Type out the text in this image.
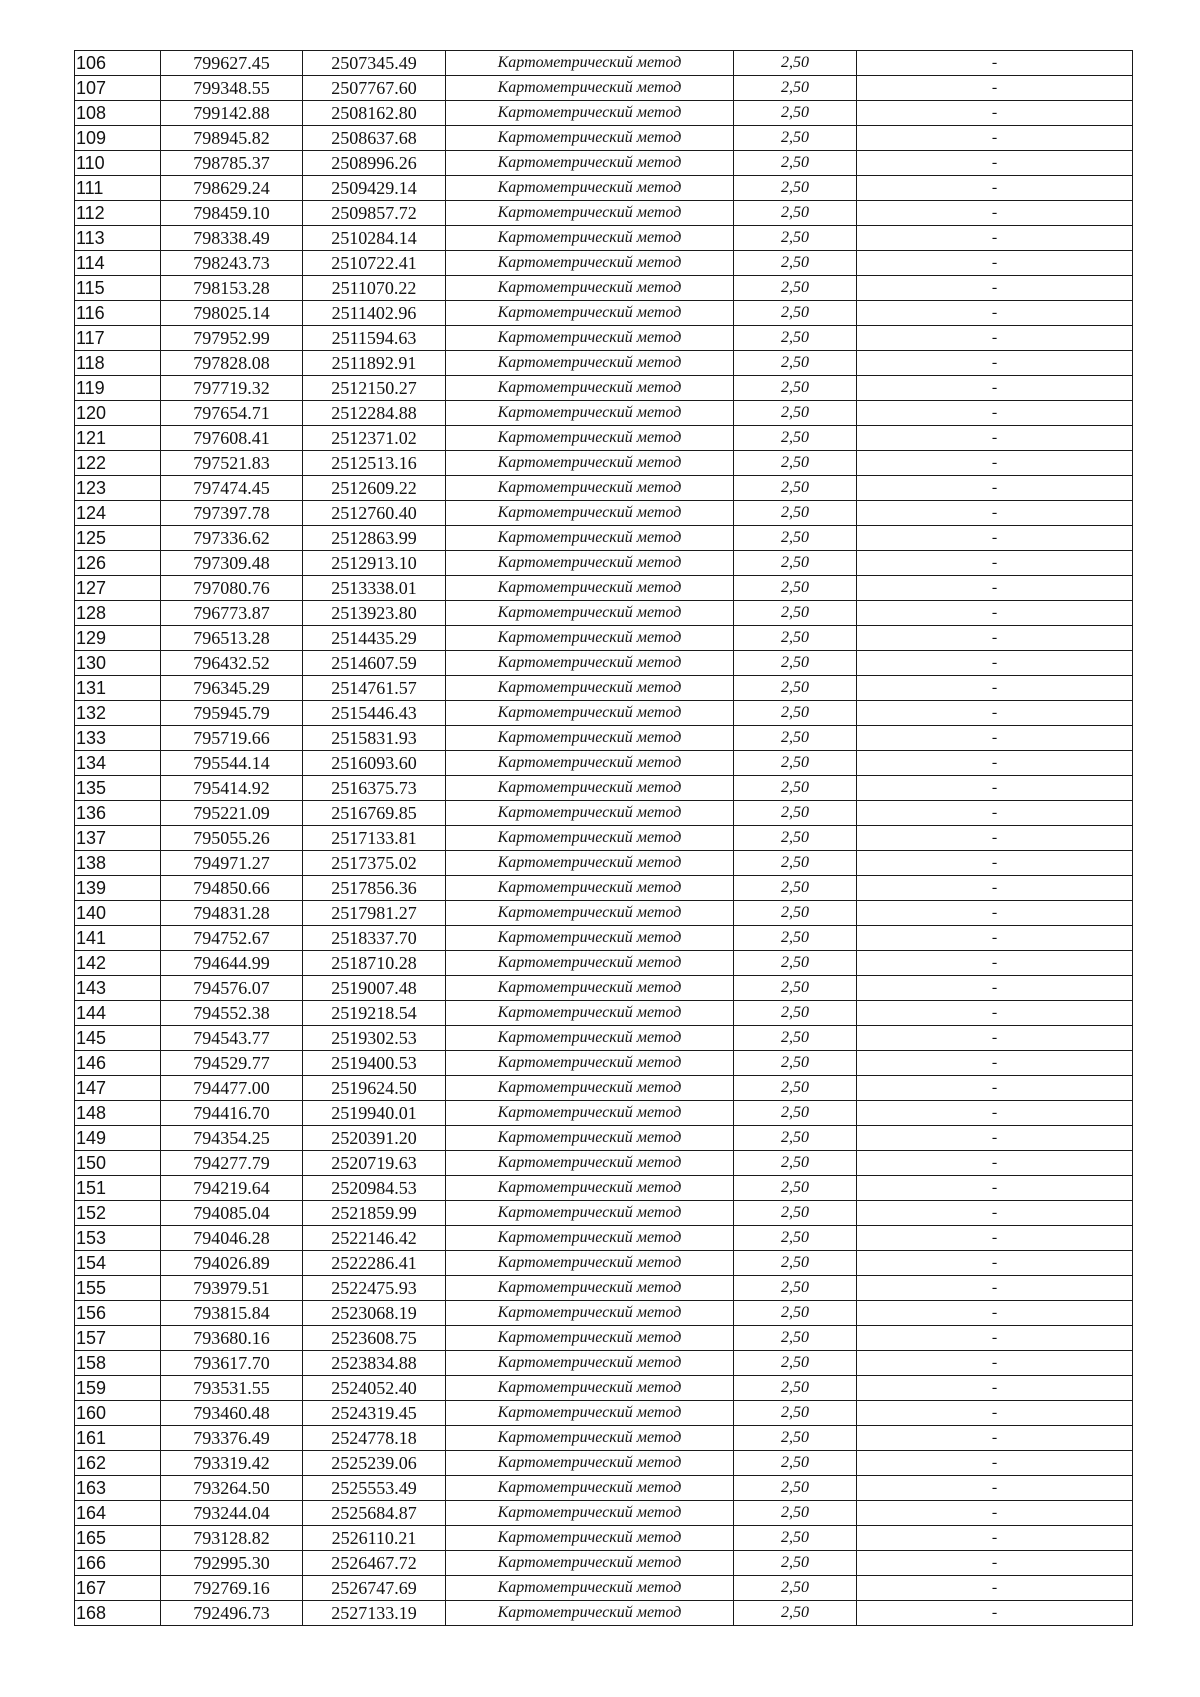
106	799627.45	2507345.49	Картометрический метод	2,50	-
107	799348.55	2507767.60	Картометрический метод	2,50	-
108	799142.88	2508162.80	Картометрический метод	2,50	-
109	798945.82	2508637.68	Картометрический метод	2,50	-
110	798785.37	2508996.26	Картометрический метод	2,50	-
111	798629.24	2509429.14	Картометрический метод	2,50	-
112	798459.10	2509857.72	Картометрический метод	2,50	-
113	798338.49	2510284.14	Картометрический метод	2,50	-
114	798243.73	2510722.41	Картометрический метод	2,50	-
115	798153.28	2511070.22	Картометрический метод	2,50	-
116	798025.14	2511402.96	Картометрический метод	2,50	-
117	797952.99	2511594.63	Картометрический метод	2,50	-
118	797828.08	2511892.91	Картометрический метод	2,50	-
119	797719.32	2512150.27	Картометрический метод	2,50	-
120	797654.71	2512284.88	Картометрический метод	2,50	-
121	797608.41	2512371.02	Картометрический метод	2,50	-
122	797521.83	2512513.16	Картометрический метод	2,50	-
123	797474.45	2512609.22	Картометрический метод	2,50	-
124	797397.78	2512760.40	Картометрический метод	2,50	-
125	797336.62	2512863.99	Картометрический метод	2,50	-
126	797309.48	2512913.10	Картометрический метод	2,50	-
127	797080.76	2513338.01	Картометрический метод	2,50	-
128	796773.87	2513923.80	Картометрический метод	2,50	-
129	796513.28	2514435.29	Картометрический метод	2,50	-
130	796432.52	2514607.59	Картометрический метод	2,50	-
131	796345.29	2514761.57	Картометрический метод	2,50	-
132	795945.79	2515446.43	Картометрический метод	2,50	-
133	795719.66	2515831.93	Картометрический метод	2,50	-
134	795544.14	2516093.60	Картометрический метод	2,50	-
135	795414.92	2516375.73	Картометрический метод	2,50	-
136	795221.09	2516769.85	Картометрический метод	2,50	-
137	795055.26	2517133.81	Картометрический метод	2,50	-
138	794971.27	2517375.02	Картометрический метод	2,50	-
139	794850.66	2517856.36	Картометрический метод	2,50	-
140	794831.28	2517981.27	Картометрический метод	2,50	-
141	794752.67	2518337.70	Картометрический метод	2,50	-
142	794644.99	2518710.28	Картометрический метод	2,50	-
143	794576.07	2519007.48	Картометрический метод	2,50	-
144	794552.38	2519218.54	Картометрический метод	2,50	-
145	794543.77	2519302.53	Картометрический метод	2,50	-
146	794529.77	2519400.53	Картометрический метод	2,50	-
147	794477.00	2519624.50	Картометрический метод	2,50	-
148	794416.70	2519940.01	Картометрический метод	2,50	-
149	794354.25	2520391.20	Картометрический метод	2,50	-
150	794277.79	2520719.63	Картометрический метод	2,50	-
151	794219.64	2520984.53	Картометрический метод	2,50	-
152	794085.04	2521859.99	Картометрический метод	2,50	-
153	794046.28	2522146.42	Картометрический метод	2,50	-
154	794026.89	2522286.41	Картометрический метод	2,50	-
155	793979.51	2522475.93	Картометрический метод	2,50	-
156	793815.84	2523068.19	Картометрический метод	2,50	-
157	793680.16	2523608.75	Картометрический метод	2,50	-
158	793617.70	2523834.88	Картометрический метод	2,50	-
159	793531.55	2524052.40	Картометрический метод	2,50	-
160	793460.48	2524319.45	Картометрический метод	2,50	-
161	793376.49	2524778.18	Картометрический метод	2,50	-
162	793319.42	2525239.06	Картометрический метод	2,50	-
163	793264.50	2525553.49	Картометрический метод	2,50	-
164	793244.04	2525684.87	Картометрический метод	2,50	-
165	793128.82	2526110.21	Картометрический метод	2,50	-
166	792995.30	2526467.72	Картометрический метод	2,50	-
167	792769.16	2526747.69	Картометрический метод	2,50	-
168	792496.73	2527133.19	Картометрический метод	2,50	-
